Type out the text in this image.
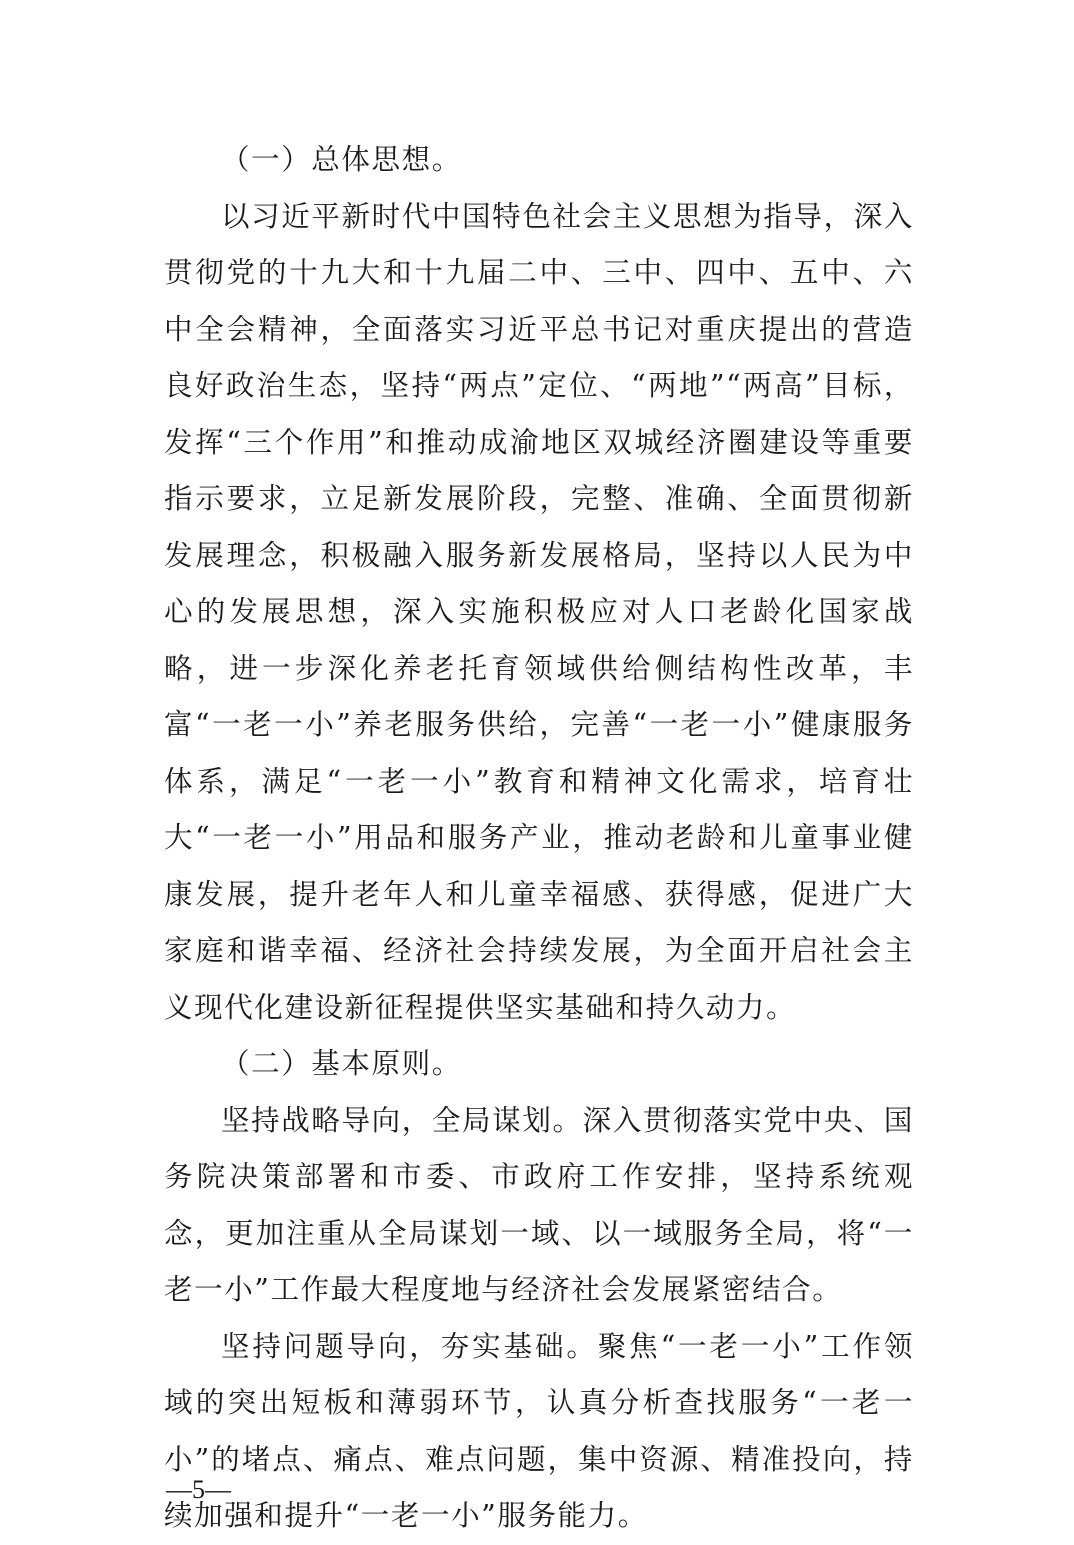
（一）总体思想。

以习近平新时代中国特色社会主义思想为指导，深入贯彻党的十九大和十九届二中、三中、四中、五中、六中全会精神，全面落实习近平总书记对重庆提出的营造良好政治生态，坚持“两点”定位、“两地”“两高”目标，发挥“三个作用”和推动成渝地区双城经济圈建设等重要指示要求，立足新发展阶段，完整、准确、全面贯彻新发展理念，积极融入服务新发展格局，坚持以人民为中心的发展思想，深入实施积极应对人口老龄化国家战略，进一步深化养老托育领域供给侧结构性改革，丰富“一老一小”养老服务供给，完善“一老一小”健康服务体系，满足“一老一小”教育和精神文化需求，培育壮大“一老一小”用品和服务产业，推动老龄和儿童事业健康发展，提升老年人和儿童幸福感、获得感，促进广大家庭和谐幸福、经济社会持续发展，为全面开启社会主义现代化建设新征程提供坚实基础和持久动力。

（二）基本原则。

坚持战略导向，全局谋划。深入贯彻落实党中央、国务院决策部署和市委、市政府工作安排，坚持系统观念，更加注重从全局谋划一域、以一域服务全局，将“一老一小”工作最大程度地与经济社会发展紧密结合。

坚持问题导向，夯实基础。聚焦“一老一小”工作领域的突出短板和薄弱环节，认真分析查找服务“一老一小”的堵点、痛点、难点问题，集中资源、精准投向，持续加强和提升“一老一小”服务能力。

—5—
